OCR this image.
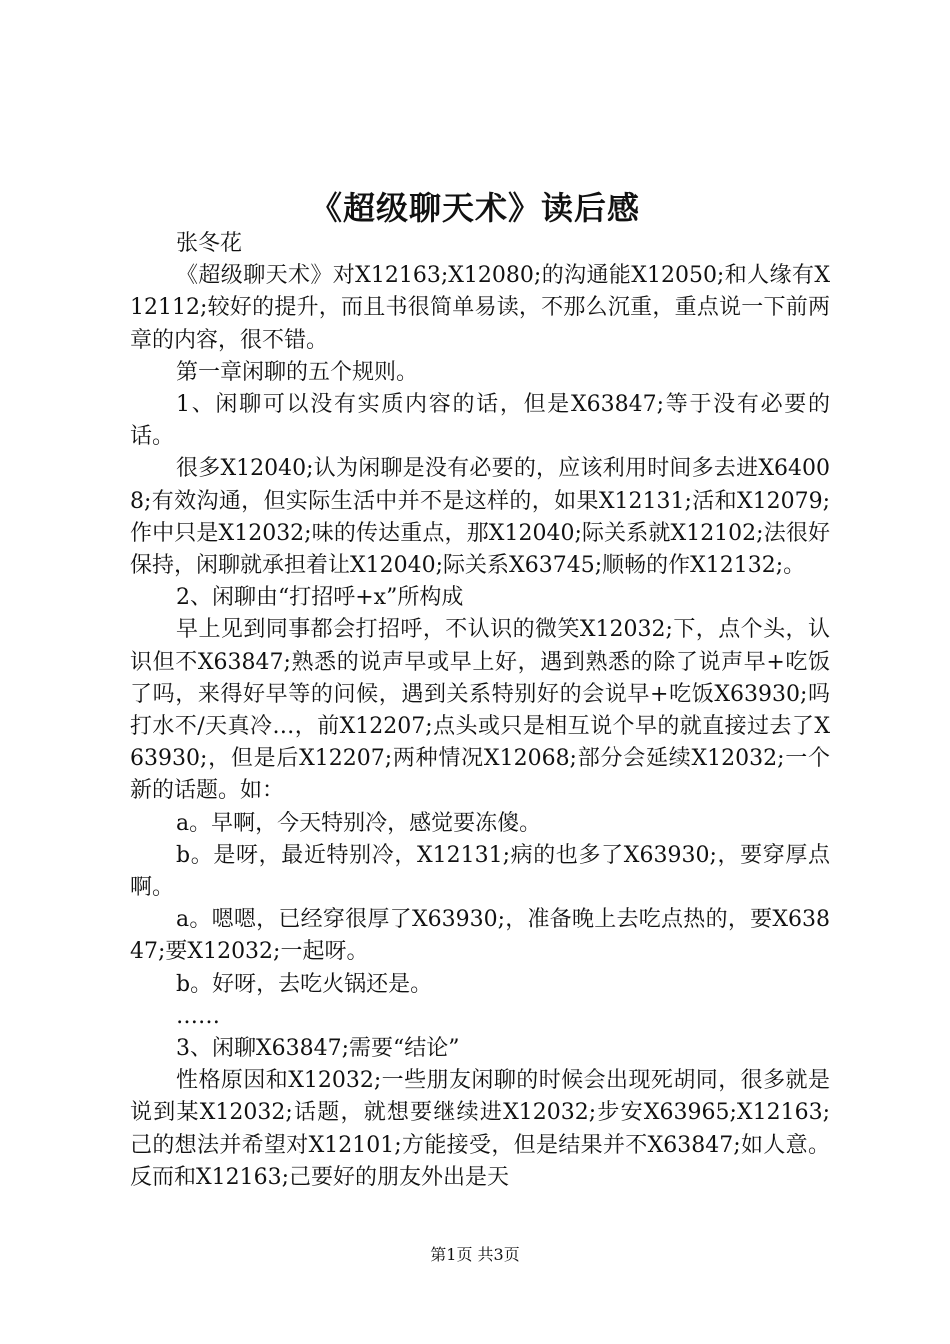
《超级聊天术》读后感

张冬花

《超级聊天术》对X12163;X12080;的沟通能X12050;和人缘有X12112;较好的提升，而且书很简单易读，不那么沉重，重点说一下前两章的内容，很不错。

第一章闲聊的五个规则。

1、闲聊可以没有实质内容的话，但是X63847;等于没有必要的话。

很多X12040;认为闲聊是没有必要的，应该利用时间多去进X64008;有效沟通，但实际生活中并不是这样的，如果X12131;活和X12079;作中只是X12032;味的传达重点，那X12040;际关系就X12102;法很好保持，闲聊就承担着让X12040;际关系X63745;顺畅的作X12132;。

2、闲聊由“打招呼+x”所构成

早上见到同事都会打招呼，不认识的微笑X12032;下，点个头，认识但不X63847;熟悉的说声早或早上好，遇到熟悉的除了说声早+吃饭了吗，来得好早等的问候，遇到关系特别好的会说早+吃饭X63930;吗打水不/天真冷…，前X12207;点头或只是相互说个早的就直接过去了X63930;，但是后X12207;两种情况X12068;部分会延续X12032;一个新的话题。如：

a。早啊，今天特别冷，感觉要冻傻。

b。是呀，最近特别冷，X12131;病的也多了X63930;，要穿厚点啊。

a。嗯嗯，已经穿很厚了X63930;，准备晚上去吃点热的，要X63847;要X12032;一起呀。

b。好呀，去吃火锅还是。

……

3、闲聊X63847;需要“结论”

性格原因和X12032;一些朋友闲聊的时候会出现死胡同，很多就是说到某X12032;话题，就想要继续进X12032;步安X63965;X12163;己的想法并希望对X12101;方能接受，但是结果并不X63847;如人意。反而和X12163;己要好的朋友外出是天

第1页 共3页
